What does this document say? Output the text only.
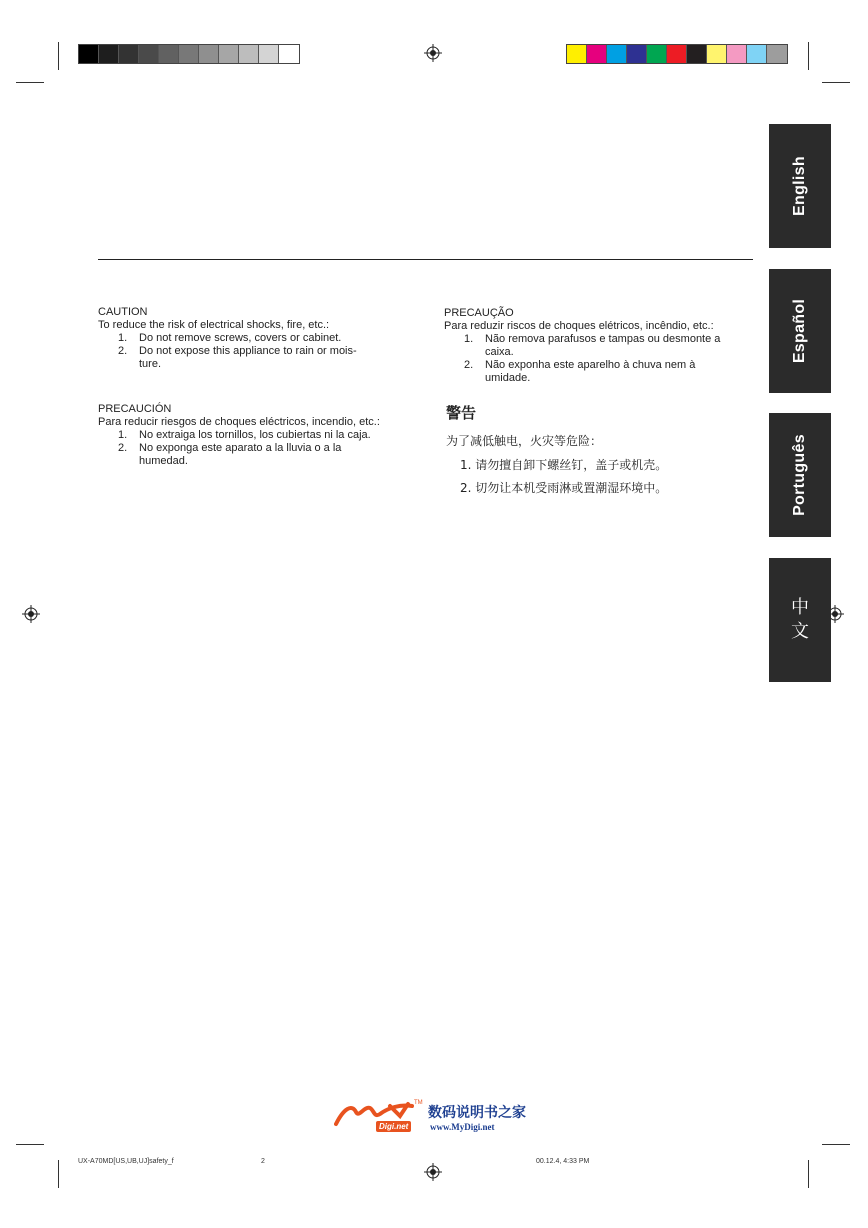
English
Español
Português
中
文

CAUTION

To reduce the risk of electrical shocks, fire, etc.:

1. Do not remove screws, covers or cabinet.
2. Do not expose this appliance to rain or mois-ture.

PRECAUCIÓN

Para reducir riesgos de choques eléctricos, incendio, etc.:

1. No extraiga los tornillos, los cubiertas ni la caja.
2. No exponga este aparato a la lluvia o a la humedad.

PRECAUÇÃO

Para reduzir riscos de choques elétricos, incêndio, etc.:

1. Não remova parafusos e tampas ou desmonte a caixa.
2. Não exponha este aparelho à chuva nem à umidade.

警告

为了减低触电，火灾等危险：

1. 请勿擅自卸下螺丝钉，盖子或机壳。
2. 切勿让本机受雨淋或置潮湿环境中。
TM
Digi.net
数码说明书之家
www.MyDigi.net
UX-A70MD[US,UB,UJ]safety_f	2	00.12.4, 4:33 PM
